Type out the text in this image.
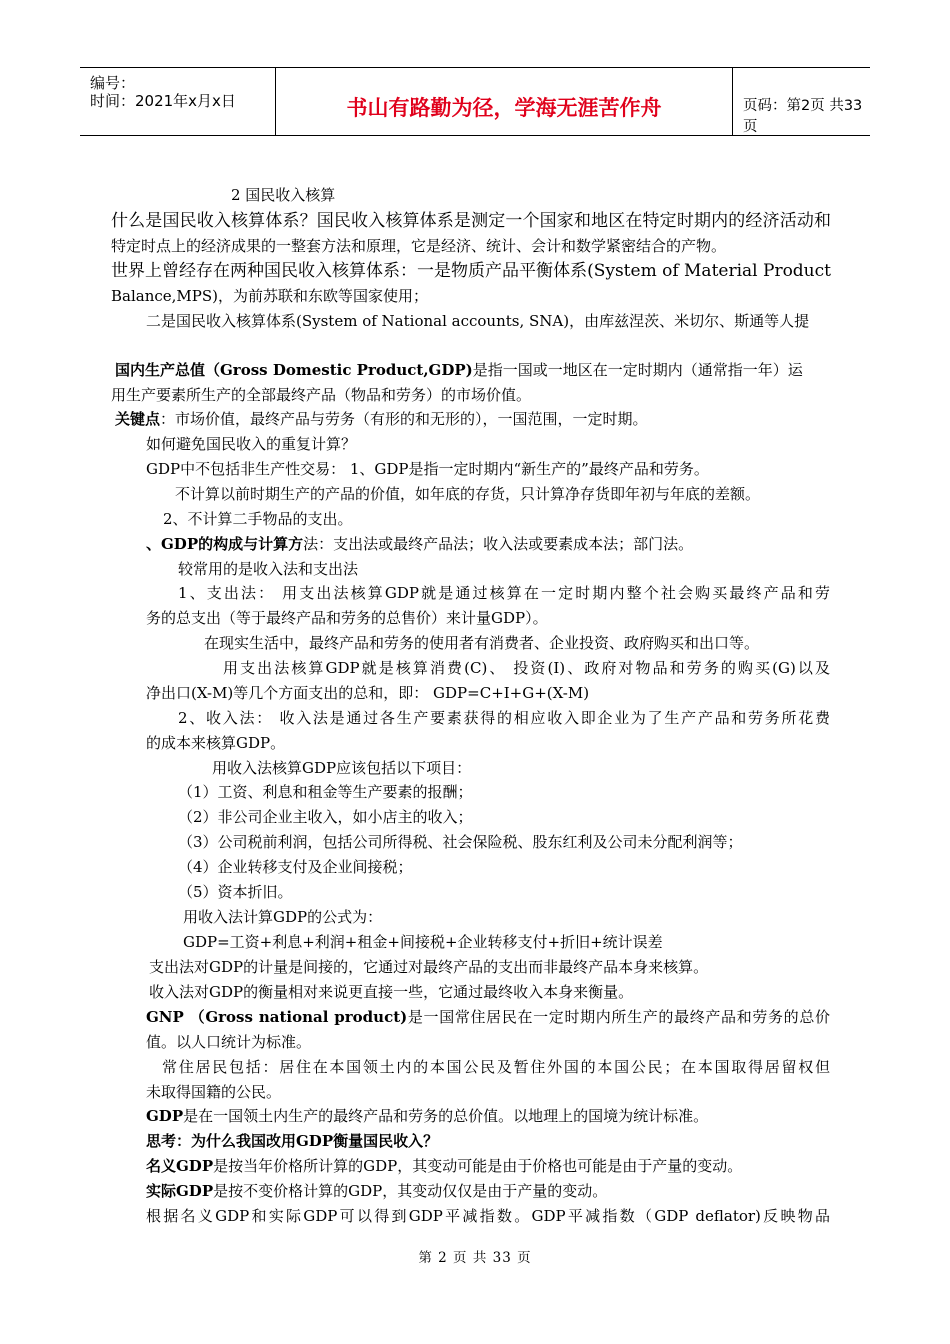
编号：
时间：2021年x月x日	书山有路勤为径，学海无涯苦作舟	页码：第2页 共33页
2 国民收入核算
什么是国民收入核算体系？国民收入核算体系是测定一个国家和地区在特定时期内的经济活动和
特定时点上的经济成果的一整套方法和原理，它是经济、统计、会计和数学紧密结合的产物。
世界上曾经存在两种国民收入核算体系：一是物质产品平衡体系(System of Material Product
Balance,MPS)，为前苏联和东欧等国家使用；
二是国民收入核算体系(System of National accounts, SNA)，由库兹涅茨、米切尔、斯通等人提
国内生产总值（Gross Domestic Product,GDP)是指一国或一地区在一定时期内（通常指一年）运
用生产要素所生产的全部最终产品（物品和劳务）的市场价值。
关键点：市场价值，最终产品与劳务（有形的和无形的），一国范围，一定时期。
如何避免国民收入的重复计算？
GDP中不包括非生产性交易： 1、GDP是指一定时期内“新生产的”最终产品和劳务。
不计算以前时期生产的产品的价值，如年底的存货，只计算净存货即年初与年底的差额。
2、不计算二手物品的支出。
、GDP的构成与计算方法：支出法或最终产品法；收入法或要素成本法；部门法。
较常用的是收入法和支出法
1、支出法： 用支出法核算GDP就是通过核算在一定时期内整个社会购买最终产品和劳
务的总支出（等于最终产品和劳务的总售价）来计量GDP）。
在现实生活中，最终产品和劳务的使用者有消费者、企业投资、政府购买和出口等。
用支出法核算GDP就是核算消费(C)、 投资(I)、政府对物品和劳务的购买(G)以及
净出口(X-M)等几个方面支出的总和，即： GDP=C+I+G+(X-M)
2、收入法： 收入法是通过各生产要素获得的相应收入即企业为了生产产品和劳务所花费
的成本来核算GDP。
用收入法核算GDP应该包括以下项目：
（1）工资、利息和租金等生产要素的报酬；
（2）非公司企业主收入，如小店主的收入；
（3）公司税前利润，包括公司所得税、社会保险税、股东红利及公司未分配利润等；
（4）企业转移支付及企业间接税；
（5）资本折旧。
用收入法计算GDP的公式为：
GDP=工资+利息+利润+租金+间接税+企业转移支付+折旧+统计误差
支出法对GDP的计量是间接的，它通过对最终产品的支出而非最终产品本身来核算。
收入法对GDP的衡量相对来说更直接一些，它通过最终收入本身来衡量。
GNP （Gross national product)是一国常住居民在一定时期内所生产的最终产品和劳务的总价
值。以人口统计为标准。
常住居民包括：居住在本国领土内的本国公民及暂住外国的本国公民；在本国取得居留权但
未取得国籍的公民。
GDP是在一国领土内生产的最终产品和劳务的总价值。以地理上的国境为统计标准。
思考：为什么我国改用GDP衡量国民收入？
名义GDP是按当年价格所计算的GDP，其变动可能是由于价格也可能是由于产量的变动。
实际GDP是按不变价格计算的GDP，其变动仅仅是由于产量的变动。
根据名义GDP和实际GDP可以得到GDP平减指数。GDP平减指数（GDP deflator)反映物品
第 2 页 共 33 页
